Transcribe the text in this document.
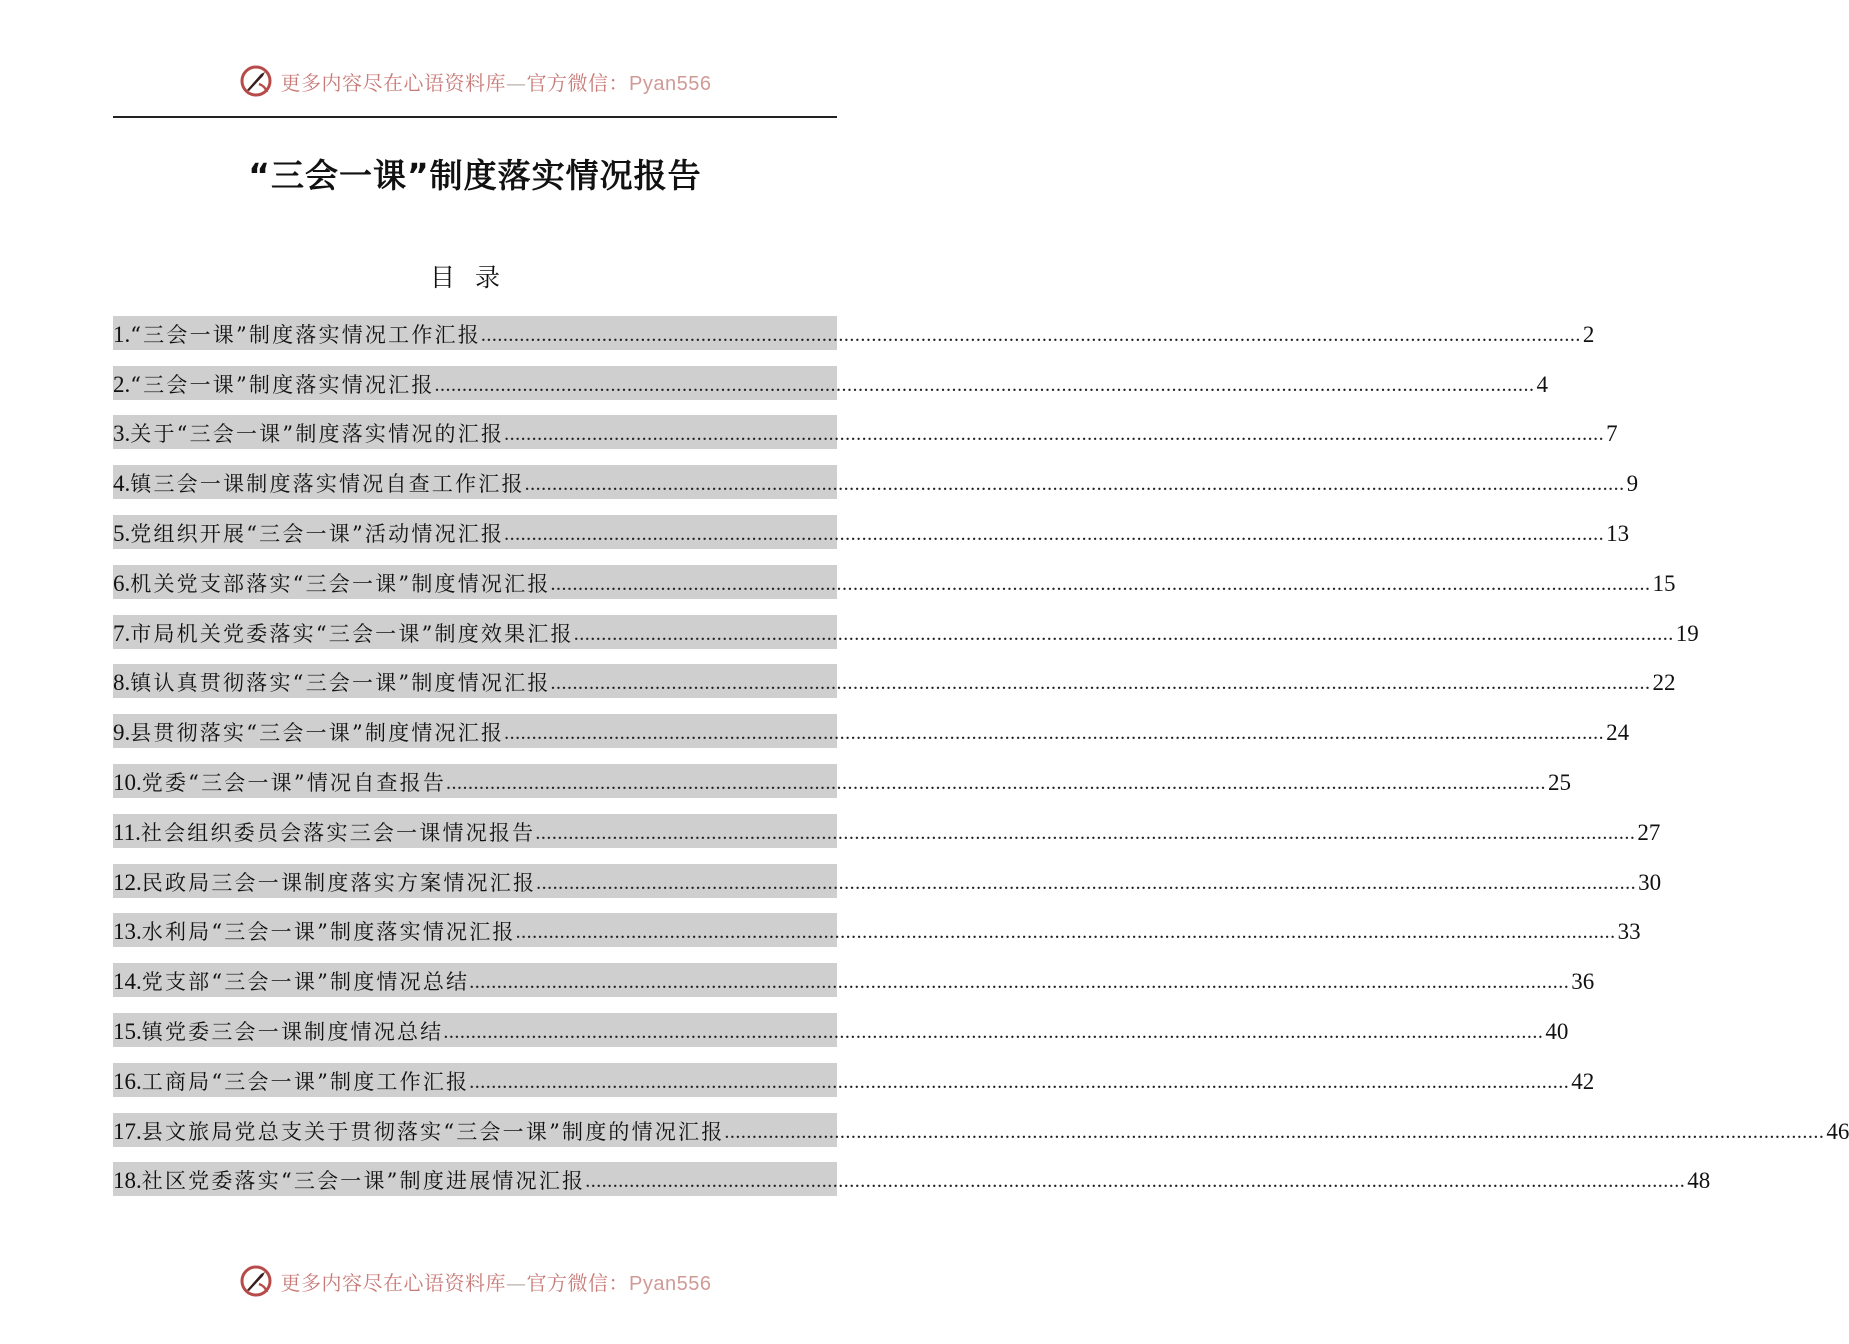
更多内容尽在心语资料库—官方微信：Pyan556
“三会一课”制度落实情况报告
目录
1. “三会一课”制度落实情况工作汇报 ........................................................................................................................................................................................................ 2
2. “三会一课”制度落实情况汇报 ........................................................................................................................................................................................................ 4
3. 关于“三会一课”制度落实情况的汇报 ........................................................................................................................................................................................................ 7
4. 镇三会一课制度落实情况自查工作汇报 ........................................................................................................................................................................................................ 9
5. 党组织开展“三会一课”活动情况汇报 ........................................................................................................................................................................................................ 13
6. 机关党支部落实“三会一课”制度情况汇报 ........................................................................................................................................................................................................ 15
7. 市局机关党委落实“三会一课”制度效果汇报 ........................................................................................................................................................................................................ 19
8. 镇认真贯彻落实“三会一课”制度情况汇报 ........................................................................................................................................................................................................ 22
9. 县贯彻落实“三会一课”制度情况汇报 ........................................................................................................................................................................................................ 24
10. 党委“三会一课”情况自查报告 ........................................................................................................................................................................................................ 25
11. 社会组织委员会落实三会一课情况报告 ........................................................................................................................................................................................................ 27
12. 民政局三会一课制度落实方案情况汇报 ........................................................................................................................................................................................................ 30
13. 水利局“三会一课”制度落实情况汇报 ........................................................................................................................................................................................................ 33
14. 党支部“三会一课”制度情况总结 ........................................................................................................................................................................................................ 36
15. 镇党委三会一课制度情况总结 ........................................................................................................................................................................................................ 40
16. 工商局“三会一课”制度工作汇报 ........................................................................................................................................................................................................ 42
17. 县文旅局党总支关于贯彻落实“三会一课”制度的情况汇报 ........................................................................................................................................................................................................ 46
18. 社区党委落实“三会一课”制度进展情况汇报 ........................................................................................................................................................................................................ 48
更多内容尽在心语资料库—官方微信：Pyan556
